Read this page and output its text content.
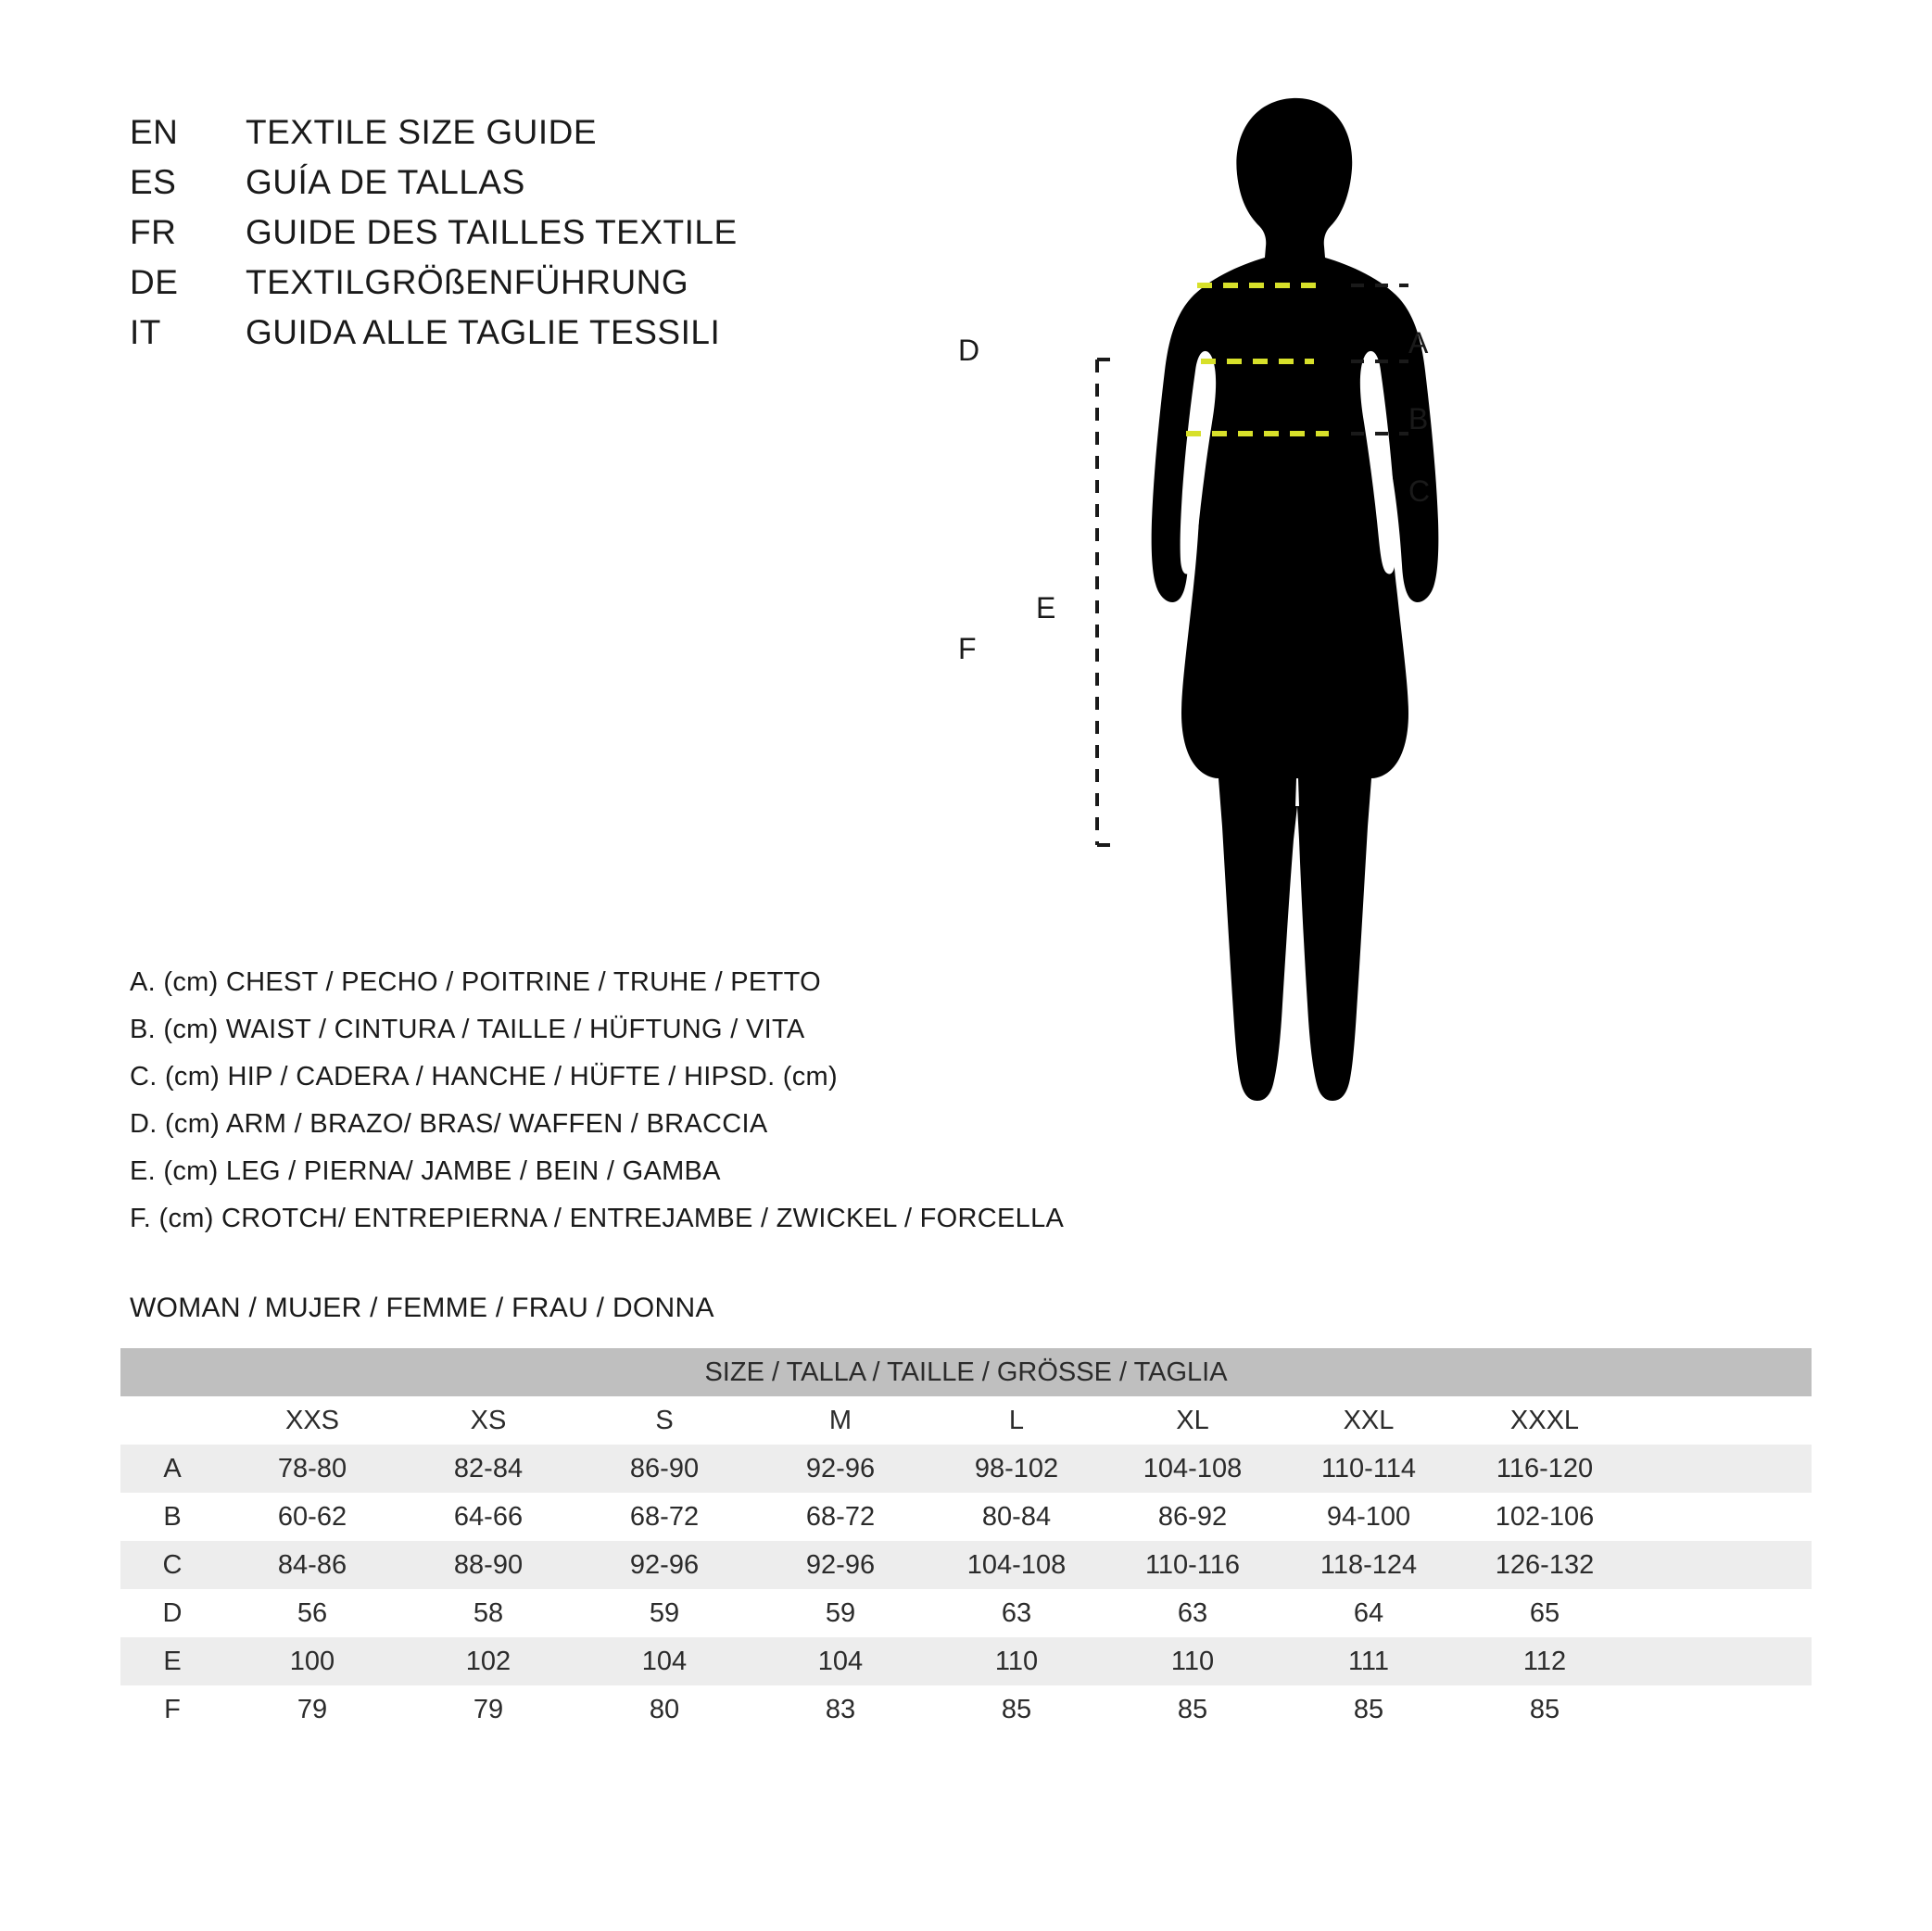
EN	TEXTILE SIZE GUIDE
ES	GUÍA DE TALLAS
FR	GUIDE DES TAILLES TEXTILE
DE	TEXTILGRÖßENFÜHRUNG
IT	GUIDA ALLE TAGLIE TESSILI
A. (cm) CHEST / PECHO / POITRINE / TRUHE / PETTO
B. (cm) WAIST / CINTURA / TAILLE / HÜFTUNG / VITA
C. (cm) HIP / CADERA / HANCHE / HÜFTE / HIPSD. (cm)
D. (cm) ARM / BRAZO/ BRAS/ WAFFEN / BRACCIA
E. (cm) LEG / PIERNA/ JAMBE / BEIN / GAMBA
F. (cm) CROTCH/ ENTREPIERNA / ENTREJAMBE / ZWICKEL / FORCELLA
WOMAN / MUJER / FEMME / FRAU / DONNA
SIZE / TALLA / TAILLE / GRÖSSE / TAGLIA									
	XXS	XS	S	M	L	XL	XXL	XXXL	
A	78-80	82-84	86-90	92-96	98-102	104-108	110-114	116-120	
B	60-62	64-66	68-72	68-72	80-84	86-92	94-100	102-106	
C	84-86	88-90	92-96	92-96	104-108	110-116	118-124	126-132	
D	56	58	59	59	63	63	64	65	
E	100	102	104	104	110	110	111	112	
F	79	79	80	83	85	85	85	85	
A
B
C
D
E
F
